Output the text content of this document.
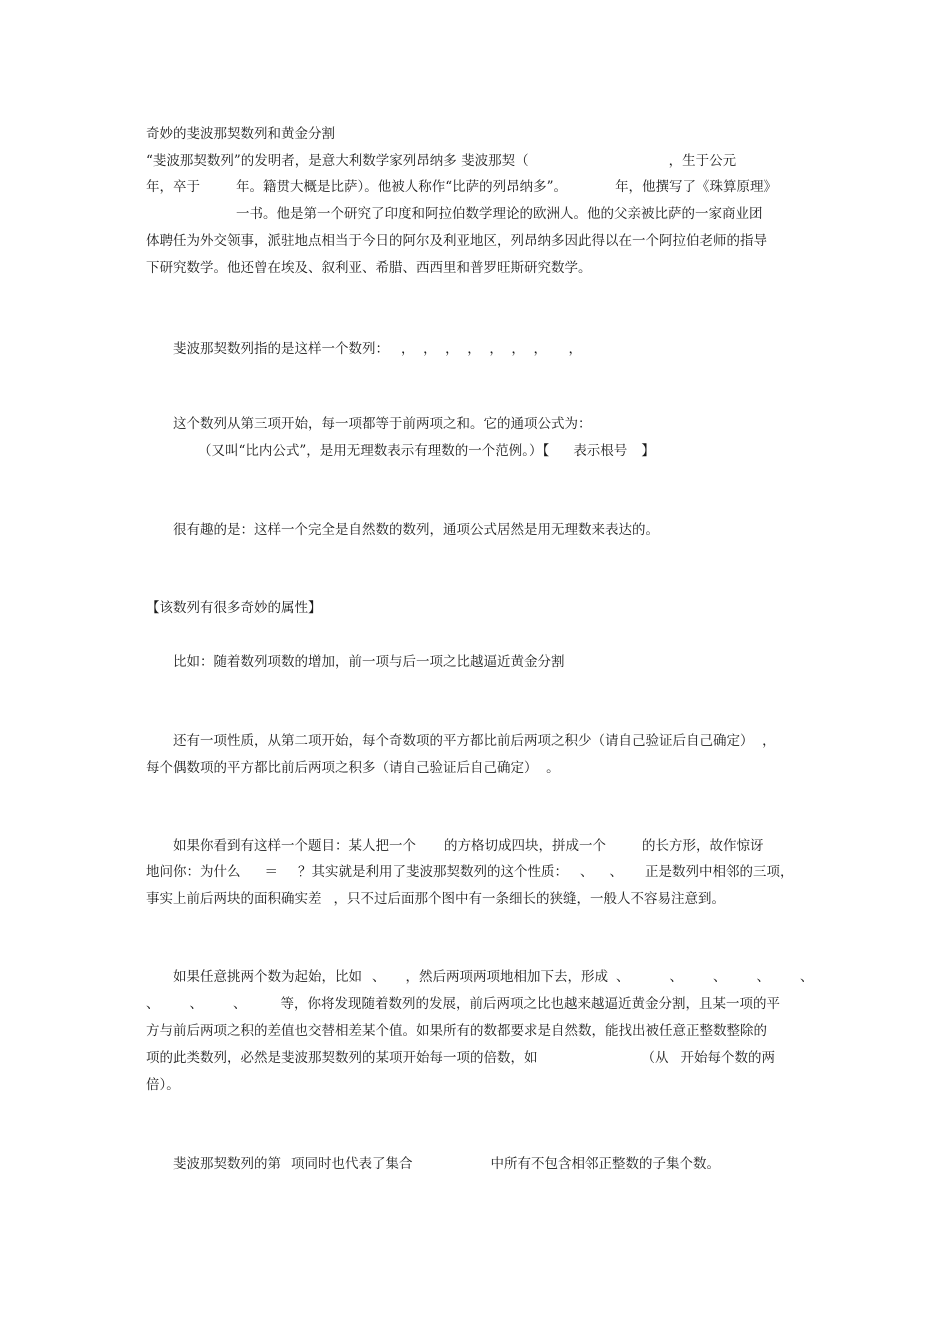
奇妙的斐波那契数列和黄金分割
“斐波那契数列”的发明者，是意大利数学家列昂纳多 斐波那契（	，生于公元
年，卒于	年。籍贯大概是比萨）。他被人称作“比萨的列昂纳多”。	年，他撰写了《珠算原理》
一书。他是第一个研究了印度和阿拉伯数学理论的欧洲人。他的父亲被比萨的一家商业团
体聘任为外交领事，派驻地点相当于今日的阿尔及利亚地区，列昂纳多因此得以在一个阿拉伯老师的指导
下研究数学。他还曾在埃及、叙利亚、希腊、西西里和普罗旺斯研究数学。
斐波那契数列指的是这样一个数列： ，  ，  ，  ，  ，  ，  ，     ，
这个数列从第三项开始，每一项都等于前两项之和。它的通项公式为：
（又叫“比内公式”，是用无理数表示有理数的一个范例。）【 表示根号 】
很有趣的是：这样一个完全是自然数的数列，通项公式居然是用无理数来表达的。
【该数列有很多奇妙的属性】
比如：随着数列项数的增加，前一项与后一项之比越逼近黄金分割
还有一项性质，从第二项开始，每个奇数项的平方都比前后两项之积少（请自己验证后自己确定）  ，
每个偶数项的平方都比前后两项之积多（请自己验证后自己确定）  。
如果你看到有这样一个题目：某人把一个 的方格切成四块，拼成一个	的长方形，故作惊讶
地问你：为什么 ＝ ？其实就是利用了斐波那契数列的这个性质： 、 、 正是数列中相邻的三项，
事实上前后两块的面积确实差 ，只不过后面那个图中有一条细长的狭缝，一般人不容易注意到。
如果任意挑两个数为起始，比如 、 ，然后两项两项地相加下去，形成 、	、 、 、 、
、 、 、	等，你将发现随着数列的发展，前后两项之比也越来越逼近黄金分割，且某一项的平
方与前后两项之积的差值也交替相差某个值。如果所有的数都要求是自然数，能找出被任意正整数整除的
项的此类数列，必然是斐波那契数列的某项开始每一项的倍数，如	（从 开始每个数的两
倍）。
斐波那契数列的第 项同时也代表了集合	中所有不包含相邻正整数的子集个数。
